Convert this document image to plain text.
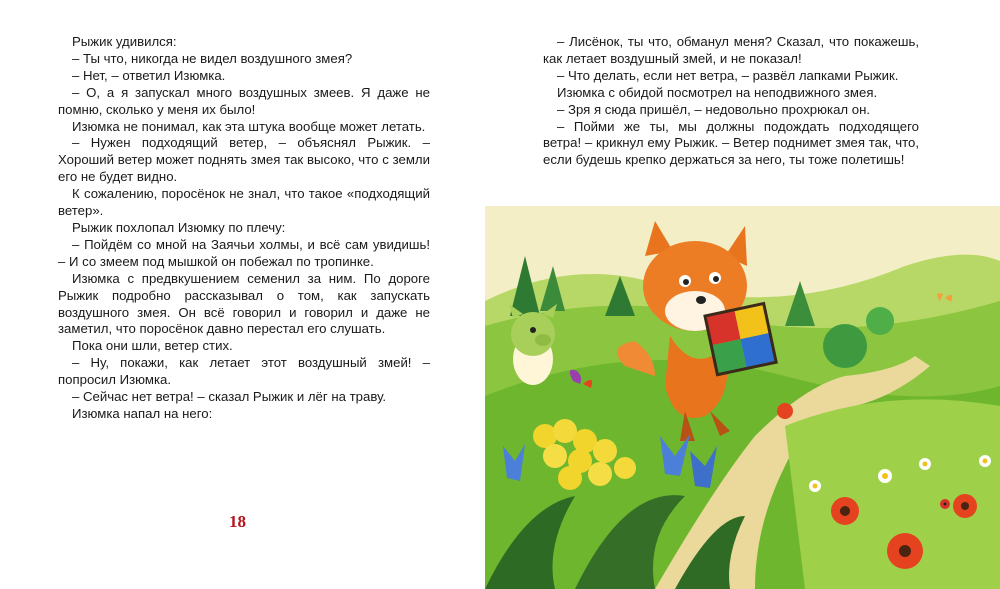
Рыжик удивился:

– Ты что, никогда не видел воздушного змея?

– Нет, – ответил Изюмка.

– О, а я запускал много воздушных змеев. Я даже не помню, сколько у меня их было!

Изюмка не понимал, как эта штука вообще может летать.

– Нужен подходящий ветер, – объяснял Рыжик. – Хороший ветер может поднять змея так высоко, что с земли его не будет видно.

К сожалению, поросёнок не знал, что такое «подходящий ветер».

Рыжик похлопал Изюмку по плечу:

– Пойдём со мной на Заячьи холмы, и всё сам увидишь! – И со змеем под мышкой он побежал по тропинке.

Изюмка с предвкушением семенил за ним. По дороге Рыжик подробно рассказывал о том, как запускать воздушного змея. Он всё говорил и говорил и даже не заметил, что поросёнок давно перестал его слушать.

Пока они шли, ветер стих.

– Ну, покажи, как летает этот воздушный змей! – попросил Изюмка.

– Сейчас нет ветра! – сказал Рыжик и лёг на траву.

Изюмка напал на него:

18

– Лисёнок, ты что, обманул меня? Сказал, что покажешь, как летает воздушный змей, и не показал!

– Что делать, если нет ветра, – развёл лапками Рыжик.

Изюмка с обидой посмотрел на неподвижного змея.

– Зря я сюда пришёл, – недовольно прохрюкал он.

– Пойми же ты, мы должны подождать подходящего ветра! – крикнул ему Рыжик. – Ветер поднимет змея так, что, если будешь крепко держаться за него, ты тоже полетишь!
